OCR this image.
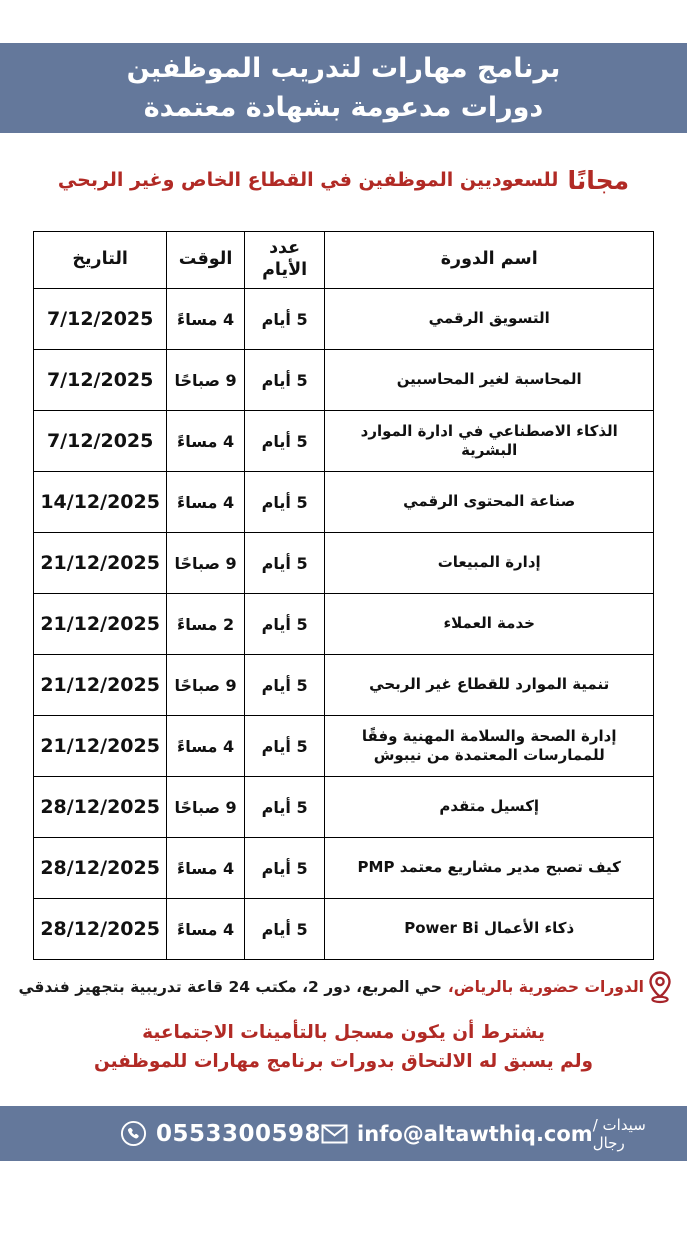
برنامج مهارات لتدريب الموظفين
دورات مدعومة بشهادة معتمدة
مجانًا
للسعوديين الموظفين في القطاع الخاص وغير الربحي
اسم الدورة	عدد الأيام	الوقت	التاريخ
التسويق الرقمي	5 أيام	4 مساءً	7/12/2025
المحاسبة لغير المحاسبين	5 أيام	9 صباحًا	7/12/2025
الذكاء الاصطناعي في ادارة الموارد البشرية	5 أيام	4 مساءً	7/12/2025
صناعة المحتوى الرقمي	5 أيام	4 مساءً	14/12/2025
إدارة المبيعات	5 أيام	9 صباحًا	21/12/2025
خدمة العملاء	5 أيام	2 مساءً	21/12/2025
تنمية الموارد للقطاع غير الربحي	5 أيام	9 صباحًا	21/12/2025
إدارة الصحة والسلامة المهنية وفقًا للممارسات المعتمدة من نيبوش	5 أيام	4 مساءً	21/12/2025
إكسيل متقدم	5 أيام	9 صباحًا	28/12/2025
كيف تصبح مدير مشاريع معتمد PMP	5 أيام	4 مساءً	28/12/2025
ذكاء الأعمال Power Bi	5 أيام	4 مساءً	28/12/2025
الدورات حضورية بالرياض،
حي المربع، دور 2، مكتب 24 قاعة تدريبية بتجهيز فندقي
يشترط أن يكون مسجل بالتأمينات الاجتماعية
ولم يسبق له الالتحاق بدورات برنامج مهارات للموظفين
0553300598 info@altawthiq.com سيدات / رجال
